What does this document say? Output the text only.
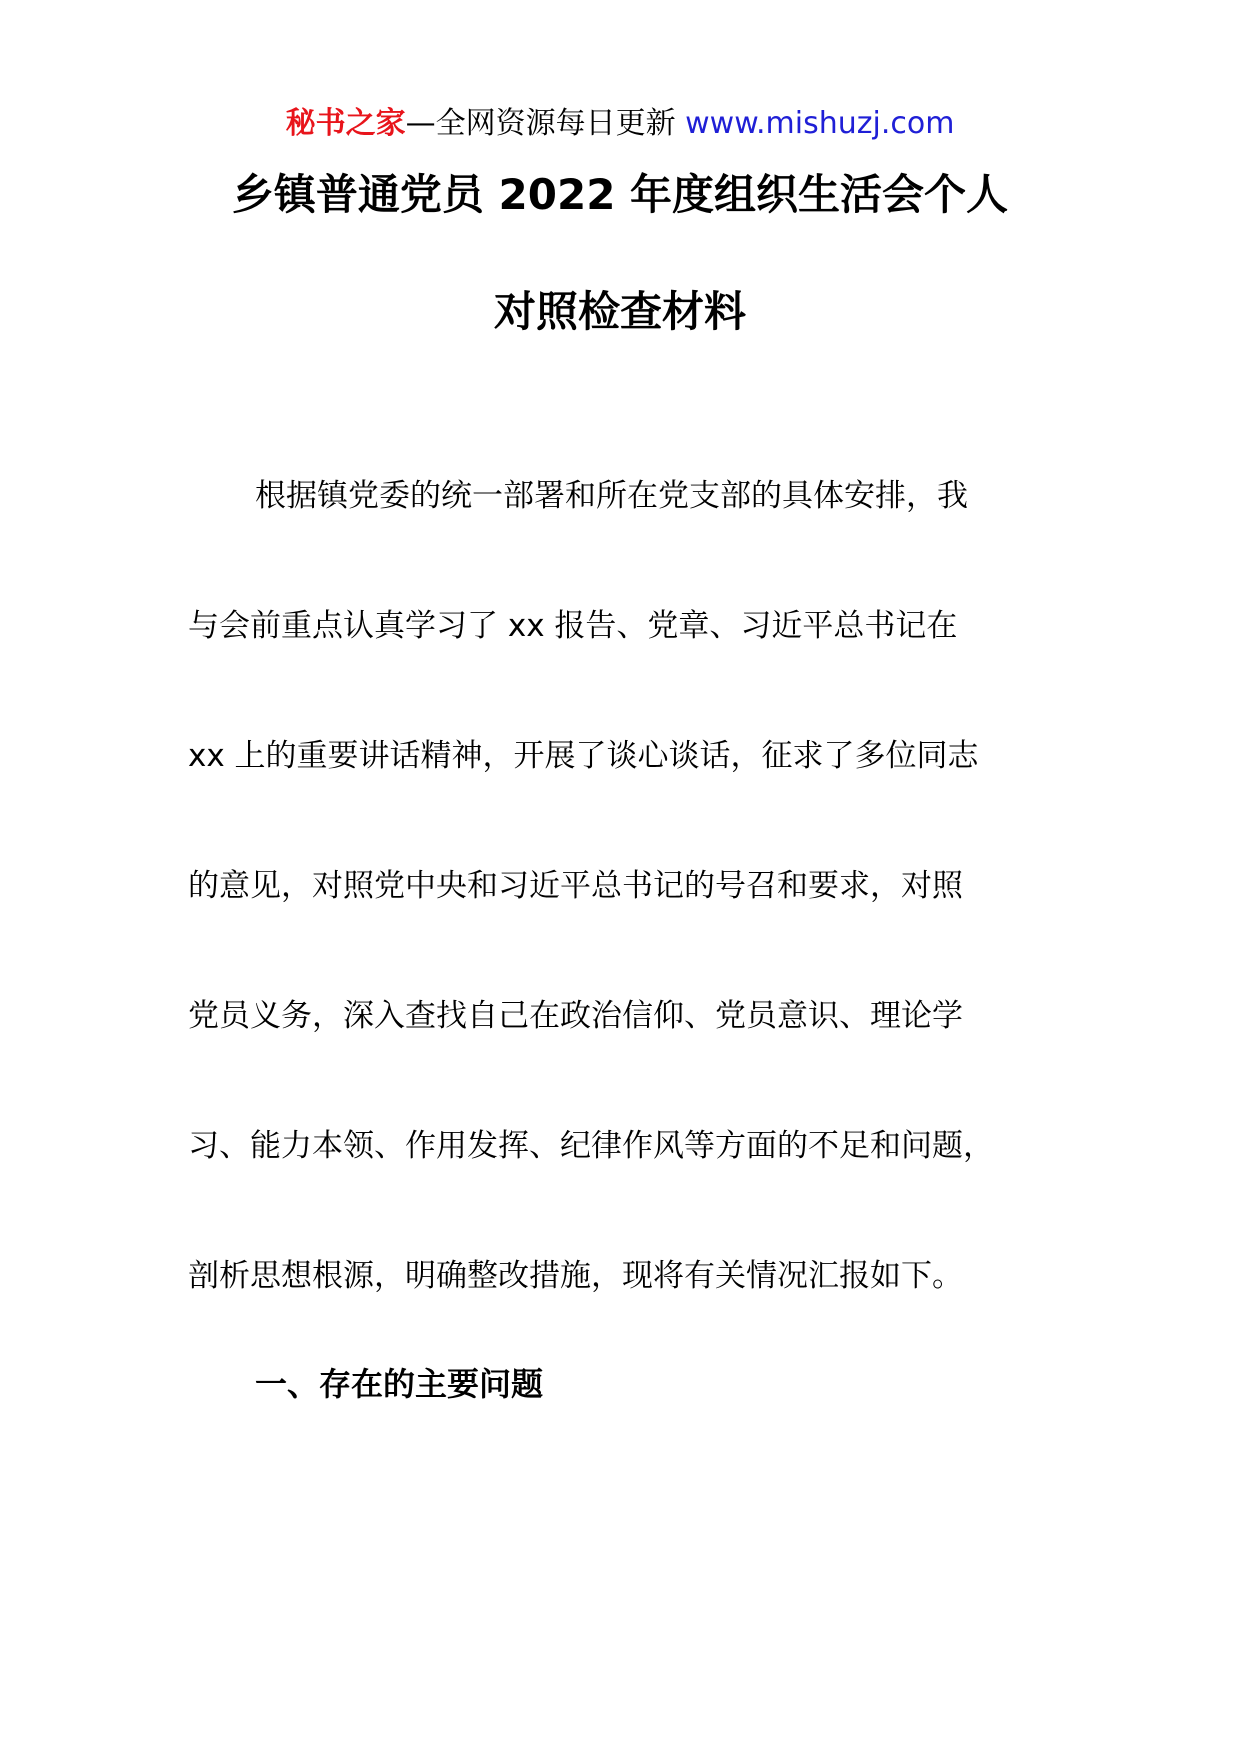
秘书之家—全网资源每日更新 www.mishuzj.com
乡镇普通党员 2022 年度组织生活会个人
对照检查材料
根据镇党委的统一部署和所在党支部的具体安排，我
与会前重点认真学习了 xx 报告、党章、习近平总书记在
xx 上的重要讲话精神，开展了谈心谈话，征求了多位同志
的意见，对照党中央和习近平总书记的号召和要求，对照
党员义务，深入查找自己在政治信仰、党员意识、理论学
习、能力本领、作用发挥、纪律作风等方面的不足和问题，
剖析思想根源，明确整改措施，现将有关情况汇报如下。
一、存在的主要问题
